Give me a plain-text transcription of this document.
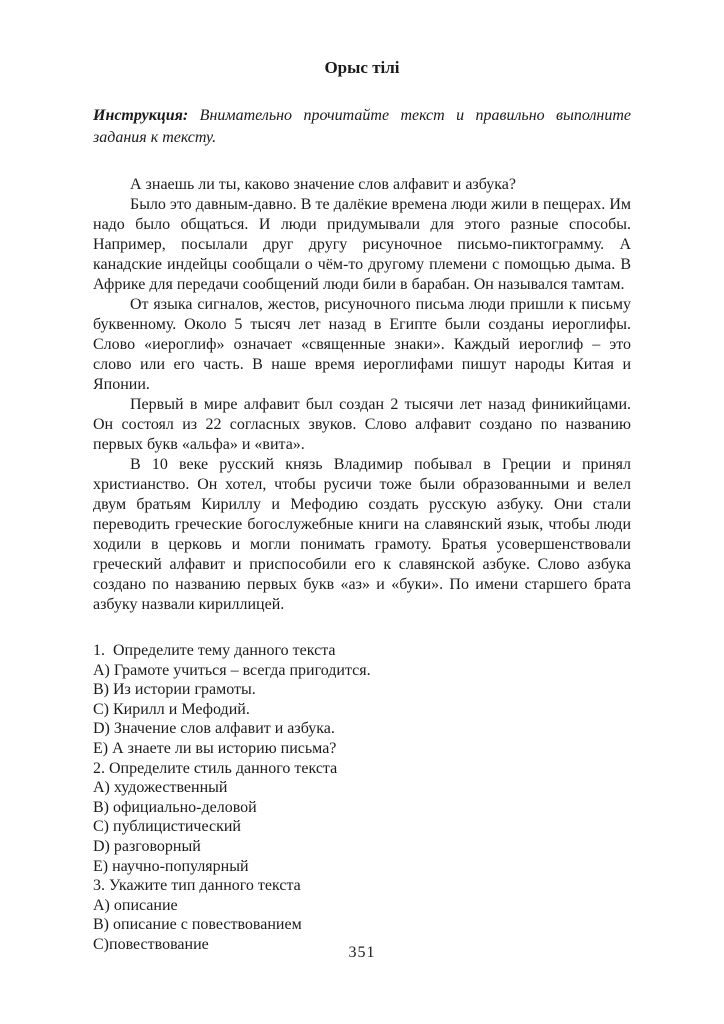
Орыс тілі

Инструкция: Внимательно прочитайте текст и правильно выполните задания к тексту.

А знаешь ли ты, каково значение слов алфавит и азбука?

Было это давным-давно. В те далёкие времена люди жили в пещерах. Им надо было общаться. И люди придумывали для этого разные способы. Например, посылали друг другу рисуночное письмо-пиктограмму. А канадские индейцы сообщали о чём-то другому племени с помощью дыма. В Африке для передачи сообщений люди били в барабан. Он назывался тамтам.

От языка сигналов, жестов, рисуночного письма люди пришли к письму буквенному. Около 5 тысяч лет назад в Египте были созданы иероглифы. Слово «иероглиф» означает «священные знаки». Каждый иероглиф – это слово или его часть. В наше время иероглифами пишут народы Китая и Японии.

Первый в мире алфавит был создан 2 тысячи лет назад финикийцами. Он состоял из 22 согласных звуков. Слово алфавит создано по названию первых букв «альфа» и «вита».

В 10 веке русский князь Владимир побывал в Греции и принял христианство. Он хотел, чтобы русичи тоже были образованными и велел двум братьям Кириллу и Мефодию создать русскую азбуку. Они стали переводить греческие богослужебные книги на славянский язык, чтобы люди ходили в церковь и могли понимать грамоту. Братья усовершенствовали греческий алфавит и приспособили его к славянской азбуке. Слово азбука создано по названию первых букв «аз» и «буки». По имени старшего брата азбуку назвали кириллицей.

1.  Определите тему данного текста
А) Грамоте учиться – всегда пригодится.
В) Из истории грамоты.
С) Кирилл и Мефодий.
D) Значение слов алфавит и азбука.
Е) А знаете ли вы историю письма?
2. Определите стиль данного текста
А) художественный
В) официально-деловой
С) публицистический
D) разговорный
Е) научно-популярный
3. Укажите тип данного текста
А) описание
В) описание с повествованием
С)повествование	351
